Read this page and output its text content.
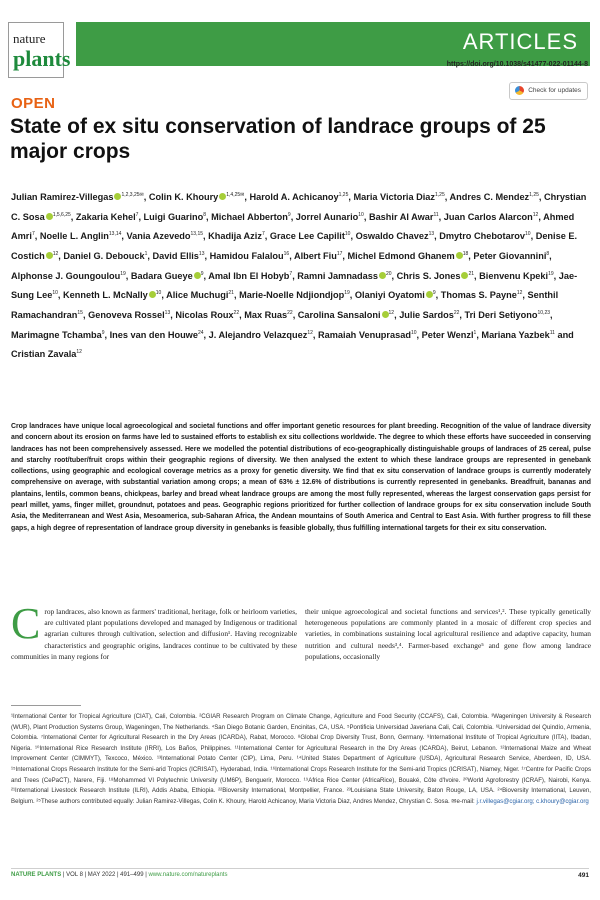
nature
plants
ARTICLES
https://doi.org/10.1038/s41477-022-01144-8
Check for updates
OPEN
State of ex situ conservation of landrace groups of 25 major crops

Julian Ramirez-Villegas $^{1,2,3,25✉}$, Colin K. Khoury $^{1,4,25✉}$, Harold A. Achicanoy$^{1,25}$, Maria Victoria Diaz$^{1,25}$, Andres C. Mendez$^{1,25}$, Chrystian C. Sosa $^{1,5,6,25}$, Zakaria Kehel$^7$, Luigi Guarino$^8$, Michael Abberton$^9$, Jorrel Aunario$^{10}$, Bashir Al Awar$^{11}$, Juan Carlos Alarcon$^{12}$, Ahmed Amri$^7$, Noelle L. Anglin$^{13,14}$, Vania Azevedo$^{13,15}$, Khadija Aziz$^7$, Grace Lee Capilit$^{10}$, Oswaldo Chavez$^{13}$, Dmytro Chebotarov$^{10}$, Denise E. Costich $^{12}$, Daniel G. Debouck$^1$, David Ellis$^{13}$, Hamidou Falalou$^{16}$, Albert Fiu$^{17}$, Michel Edmond Ghanem $^{18}$, Peter Giovannini$^8$, Alphonse J. Goungoulou$^{19}$, Badara Gueye $^9$, Amal Ibn El Hobyb$^7$, Ramni Jamnadass $^{20}$, Chris S. Jones $^{21}$, Bienvenu Kpeki$^{19}$, Jae-Sung Lee$^{10}$, Kenneth L. McNally $^{10}$, Alice Muchugi$^{21}$, Marie-Noelle Ndjiondjop$^{19}$, Olaniyi Oyatomi $^9$, Thomas S. Payne$^{12}$, Senthil Ramachandran$^{15}$, Genoveva Rossel$^{13}$, Nicolas Roux$^{22}$, Max Ruas$^{22}$, Carolina Sansaloni $^{12}$, Julie Sardos$^{22}$, Tri Deri Setiyono$^{10,23}$, Marimagne Tchamba$^9$, Ines van den Houwe$^{24}$, J. Alejandro Velazquez$^{12}$, Ramaiah Venuprasad$^{10}$, Peter Wenzl$^1$, Mariana Yazbek$^{11}$ and Cristian Zavala$^{12}$

Crop landraces have unique local agroecological and societal functions and offer important genetic resources for plant breeding. Recognition of the value of landrace diversity and concern about its erosion on farms have led to sustained efforts to establish ex situ collections worldwide. The degree to which these efforts have succeeded in conserving landraces has not been comprehensively assessed. Here we modelled the potential distributions of eco-geographically distinguishable groups of landraces of 25 cereal, pulse and starchy root/tuber/fruit crops within their geographic regions of diversity. We then analysed the extent to which these landrace groups are represented in genebank collections, using geographic and ecological coverage metrics as a proxy for genetic diversity. We find that ex situ conservation of landrace groups is currently moderately comprehensive on average, with substantial variation among crops; a mean of 63% ± 12.6% of distributions is currently represented in genebanks. Breadfruit, bananas and plantains, lentils, common beans, chickpeas, barley and bread wheat landrace groups are among the most fully represented, whereas the largest conservation gaps persist for pearl millet, yams, finger millet, groundnut, potatoes and peas. Geographic regions prioritized for further collection of landrace groups for ex situ conservation include South Asia, the Mediterranean and West Asia, Mesoamerica, sub-Saharan Africa, the Andean mountains of South America and Central to East Asia. With further progress to fill these gaps, a high degree of representation of landrace group diversity in genebanks is feasible globally, thus fulfilling international targets for their ex situ conservation.

Crop landraces, also known as farmers' traditional, heritage, folk or heirloom varieties, are cultivated plant populations developed and managed by Indigenous or traditional agrarian cultures through cultivation, selection and diffusion¹. Having recognizable characteristics and geographic origins, landraces continue to be cultivated by these communities in many regions for

their unique agroecological and societal functions and services¹,². These typically genetically heterogeneous populations are commonly planted in a mosaic of different crop species and varieties, in combinations sustaining local agricultural resilience and adaptive capacity, human nutrition and cultural needs³,⁴. Farmer-based exchange⁵ and gene flow among landrace populations, occasionally

¹International Center for Tropical Agriculture (CIAT), Cali, Colombia. ²CGIAR Research Program on Climate Change, Agriculture and Food Security (CCAFS), Cali, Colombia. ³Wageningen University & Research (WUR), Plant Production Systems Group, Wageningen, The Netherlands. ⁴San Diego Botanic Garden, Encinitas, CA, USA. ⁵Pontificia Universidad Javeriana Cali, Cali, Colombia. ⁶Universidad del Quindío, Armenia, Colombia. ⁷International Center for Agricultural Research in the Dry Areas (ICARDA), Rabat, Morocco. ⁸Global Crop Diversity Trust, Bonn, Germany. ⁹International Institute of Tropical Agriculture (IITA), Ibadan, Nigeria. ¹⁰International Rice Research Institute (IRRI), Los Baños, Philippines. ¹¹International Center for Agricultural Research in the Dry Areas (ICARDA), Beirut, Lebanon. ¹²International Maize and Wheat Improvement Center (CIMMYT), Texcoco, México. ¹³International Potato Center (CIP), Lima, Peru. ¹⁴United States Department of Agriculture (USDA), Agricultural Research Service, Aberdeen, ID, USA. ¹⁵International Crops Research Institute for the Semi-arid Tropics (ICRISAT), Hyderabad, India. ¹⁶International Crops Research Institute for the Semi-arid Tropics (ICRISAT), Niamey, Niger. ¹⁷Centre for Pacific Crops and Trees (CePaCT), Narere, Fiji. ¹⁸Mohammed VI Polytechnic University (UM6P), Benguerir, Morocco. ¹⁹Africa Rice Center (AfricaRice), Bouaké, Côte d'Ivoire. ²⁰World Agroforestry (ICRAF), Nairobi, Kenya. ²¹International Livestock Research Institute (ILRI), Addis Ababa, Ethiopia. ²²Bioversity International, Montpellier, France. ²³Louisiana State University, Baton Rouge, LA, USA. ²⁴Bioversity International, Leuven, Belgium. ²⁵These authors contributed equally: Julian Ramirez-Villegas, Colin K. Khoury, Harold Achicanoy, Maria Victoria Diaz, Andres Mendez, Chrystian C. Sosa. ✉e-mail: j.r.villegas@cgiar.org; c.khoury@cgiar.org

NATURE PLANTS | VOL 8 | MAY 2022 | 491–499 | www.nature.com/natureplants	491
